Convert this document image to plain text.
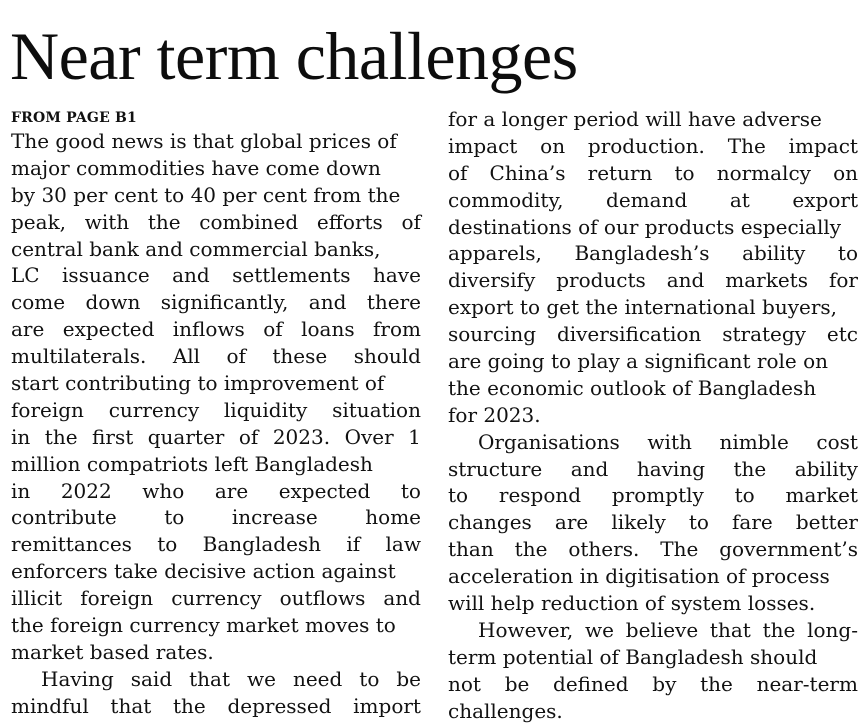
Near term challenges
FROM PAGE B1
The good news is that global prices of
major commodities have come down
by 30 per cent to 40 per cent from the
peak, with the combined efforts of
central bank and commercial banks,
LC issuance and settlements have
come down significantly, and there
are expected inflows of loans from
multilaterals. All of these should
start contributing to improvement of
foreign currency liquidity situation
in the first quarter of 2023. Over 1
million compatriots left Bangladesh
in 2022 who are expected to
contribute to increase home
remittances to Bangladesh if law
enforcers take decisive action against
illicit foreign currency outflows and
the foreign currency market moves to
market based rates.
Having said that we need to be
mindful that the depressed import
for a longer period will have adverse
impact on production. The impact
of China’s return to normalcy on
commodity, demand at export
destinations of our products especially
apparels, Bangladesh’s ability to
diversify products and markets for
export to get the international buyers,
sourcing diversification strategy etc
are going to play a significant role on
the economic outlook of Bangladesh
for 2023.
Organisations with nimble cost
structure and having the ability
to respond promptly to market
changes are likely to fare better
than the others. The government’s
acceleration in digitisation of process
will help reduction of system losses.
However, we believe that the long-
term potential of Bangladesh should
not be defined by the near-term
challenges.
